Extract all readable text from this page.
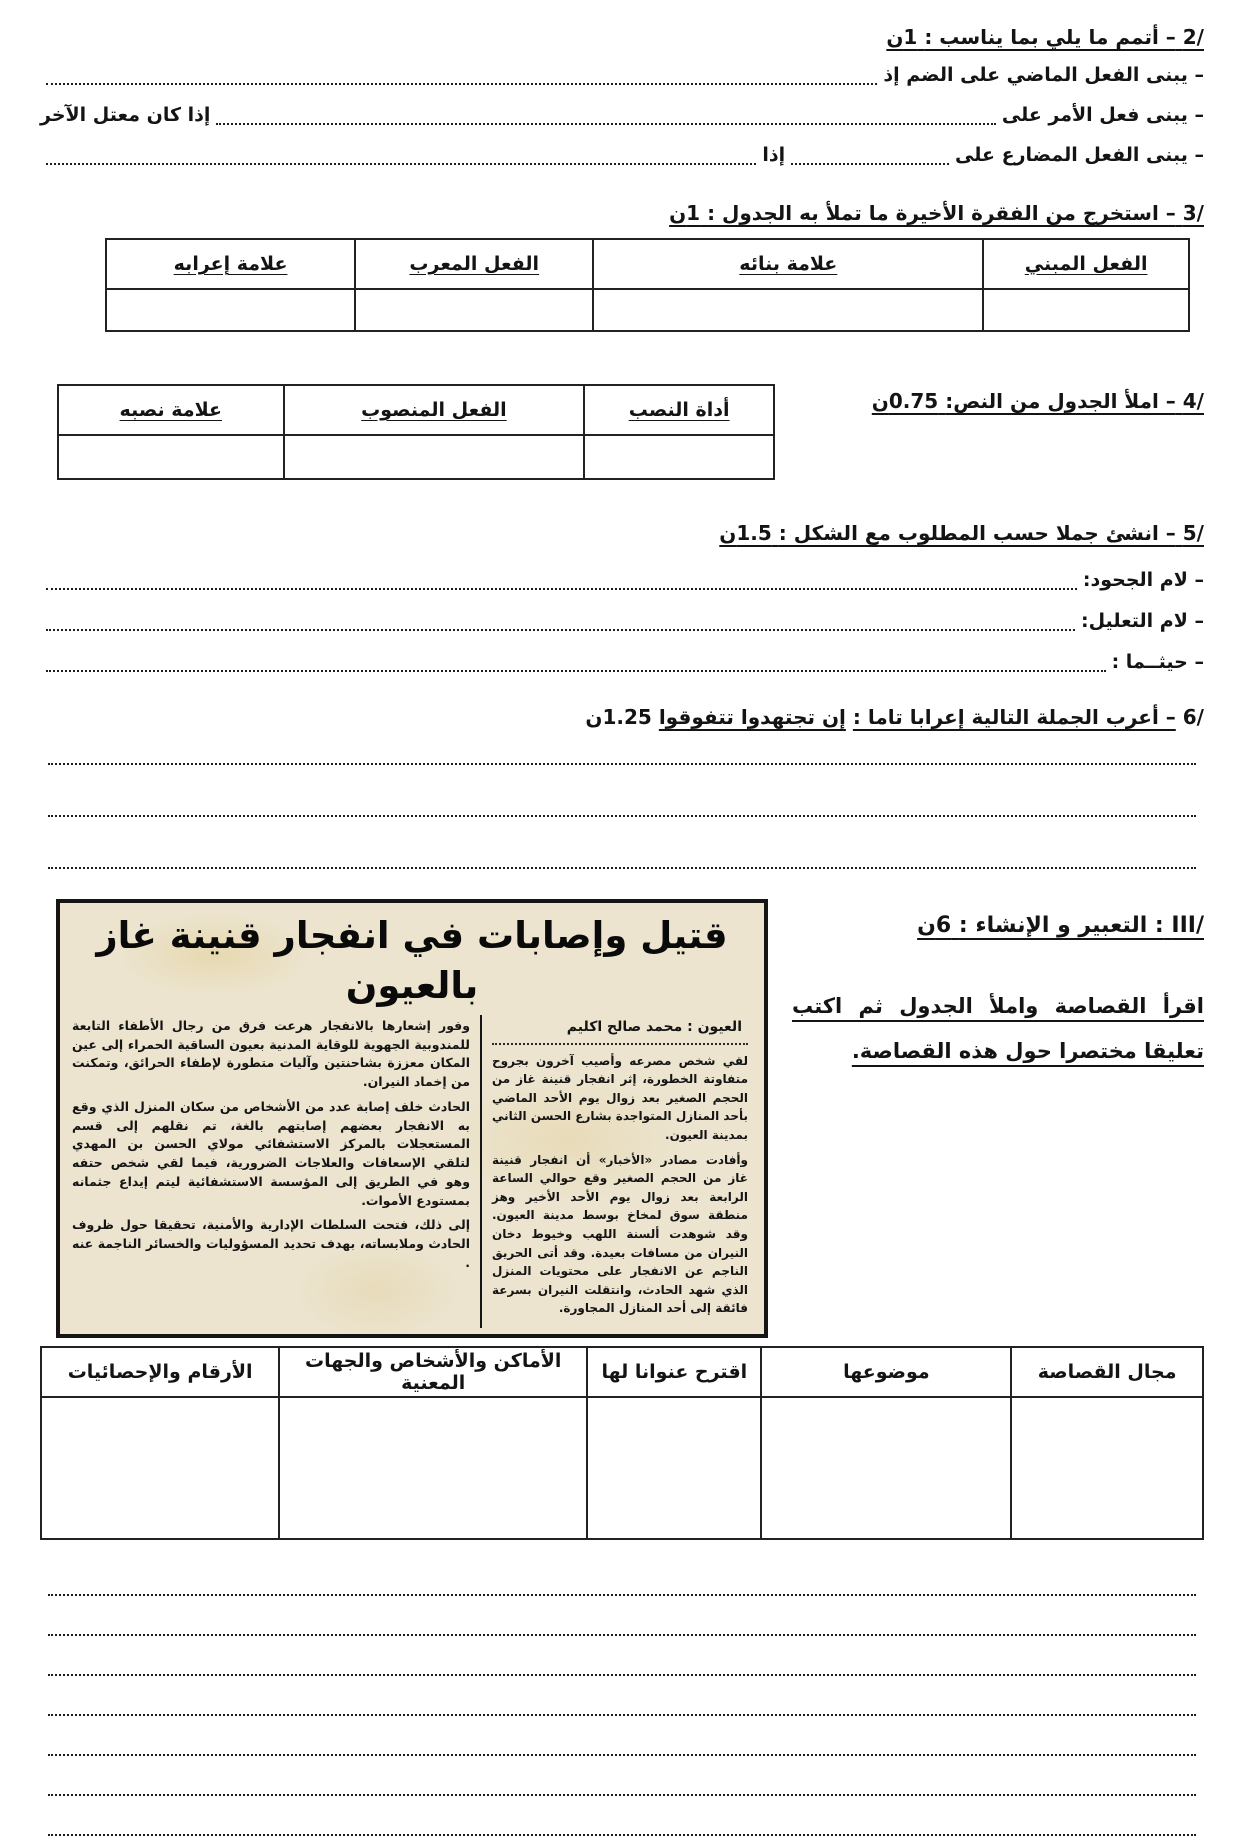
2/ – أتمم ما يلي بما يناسب : 1ن
– يبنى الفعل الماضي على الضم إذ
– يبنى فعل الأمر على
إذا كان معتل الآخر
– يبنى الفعل المضارع على
إذا
3/ – استخرج من الفقرة الأخيرة ما تملأ به الجدول : 1ن
الفعل المبني	علامة بنائه	الفعل المعرب	علامة إعرابه

4/ – املأ الجدول من النص: 0.75ن
أداة النصب	الفعل المنصوب	علامة نصبه

5/ – انشئ جملا حسب المطلوب مع الشكل : 1.5ن
– لام الجحود:
– لام التعليل:
– حيثــما :
6/ – أعرب الجملة التالية إعرابا تاما : إن تجتهدوا تتفوقوا 1.25ن
III/ : التعبير و الإنشاء : 6ن
اقرأ القصاصة واملأ الجدول ثم اكتب تعليقا مختصرا حول هذه القصاصة.
قتيل وإصابات في انفجار قنينة غاز بالعيون
العيون : محمد صالح اكليم

لقي شخص مصرعه وأصيب آخرون بجروح متفاوتة الخطورة، إثر انفجار قنينة غاز من الحجم الصغير بعد زوال يوم الأحد الماضي بأحد المنازل المتواجدة بشارع الحسن الثاني بمدينة العيون.

وأفادت مصادر «الأخبار» أن انفجار قنينة غاز من الحجم الصغير وقع حوالي الساعة الرابعة بعد زوال يوم الأحد الأخير وهز منطقة سوق لمخاخ بوسط مدينة العيون. وقد شوهدت ألسنة اللهب وخيوط دخان النيران من مسافات بعيدة. وقد أتى الحريق الناجم عن الانفجار على محتويات المنزل الذي شهد الحادث، وانتقلت النيران بسرعة فائقة إلى أحد المنازل المجاورة.

وفور إشعارها بالانفجار هرعت فرق من رجال الأطفاء التابعة للمندوبية الجهوية للوقاية المدنية بعيون الساقية الحمراء إلى عين المكان معززة بشاحنتين وآليات متطورة لإطفاء الحرائق، وتمكنت من إخماد النيران.

الحادث خلف إصابة عدد من الأشخاص من سكان المنزل الذي وقع به الانفجار بعضهم إصابتهم بالغة، تم نقلهم إلى قسم المستعجلات بالمركز الاستشفائي مولاي الحسن بن المهدي لتلقي الإسعافات والعلاجات الضرورية، فيما لقي شخص حتفه وهو في الطريق إلى المؤسسة الاستشفائية ليتم إيداع جثمانه بمستودع الأموات.

إلى ذلك، فتحت السلطات الإدارية والأمنية، تحقيقا حول ظروف الحادث وملابساته، بهدف تحديد المسؤوليات والخسائر الناجمة عنه .

مجال القصاصة	موضوعها	اقترح عنوانا لها	الأماكن والأشخاص والجهات المعنية	الأرقام والإحصائيات
